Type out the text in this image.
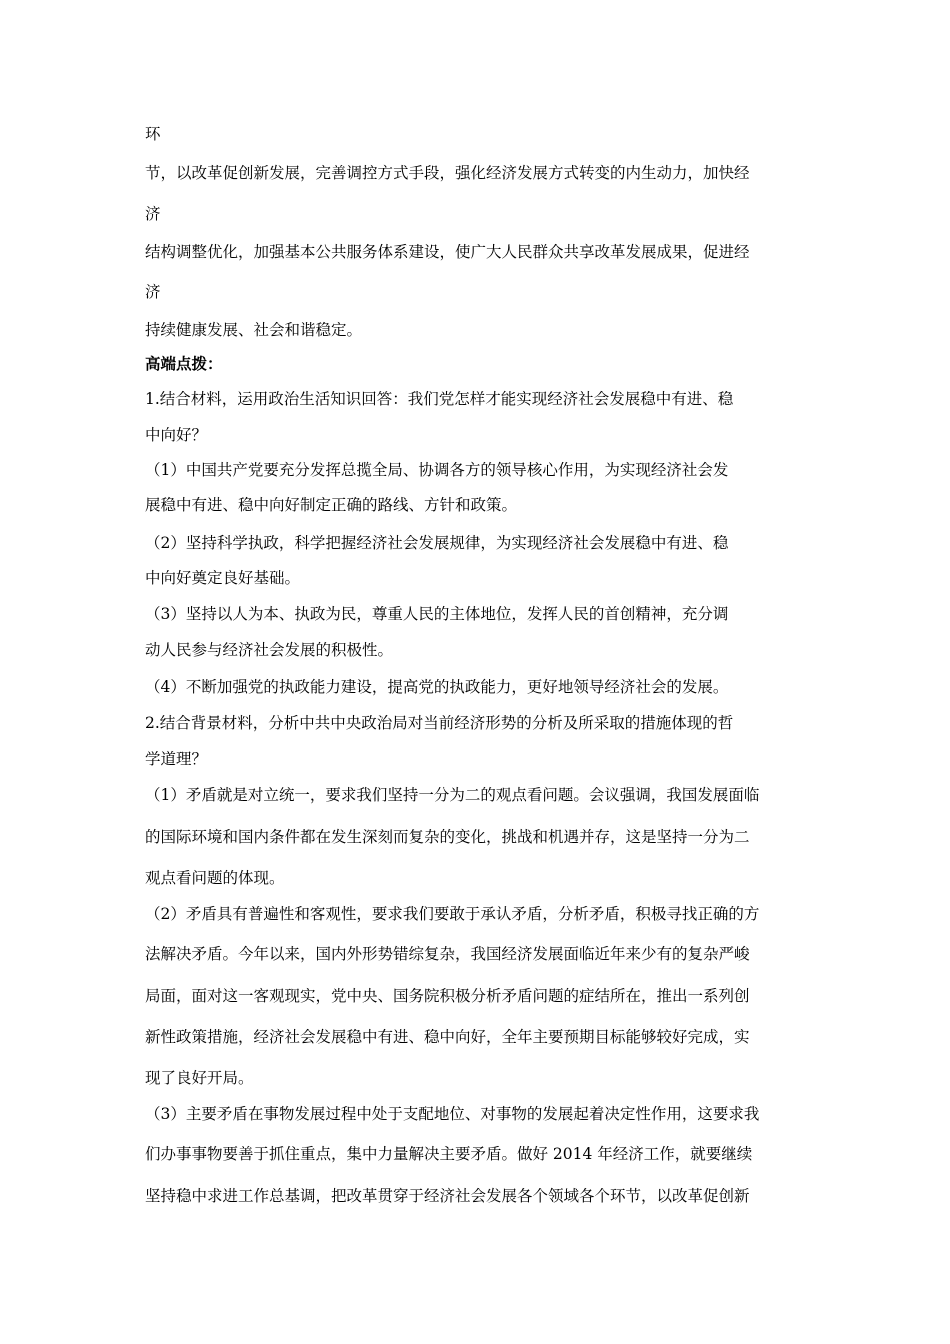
环
节，以改革促创新发展，完善调控方式手段，强化经济发展方式转变的内生动力，加快经
济
结构调整优化，加强基本公共服务体系建设，使广大人民群众共享改革发展成果，促进经
济
持续健康发展、社会和谐稳定。
高端点拨：
1.结合材料，运用政治生活知识回答：我们党怎样才能实现经济社会发展稳中有进、稳
中向好？
（1）中国共产党要充分发挥总揽全局、协调各方的领导核心作用，为实现经济社会发
展稳中有进、稳中向好制定正确的路线、方针和政策。
（2）坚持科学执政，科学把握经济社会发展规律，为实现经济社会发展稳中有进、稳
中向好奠定良好基础。
（3）坚持以人为本、执政为民，尊重人民的主体地位，发挥人民的首创精神，充分调
动人民参与经济社会发展的积极性。
（4）不断加强党的执政能力建设，提高党的执政能力，更好地领导经济社会的发展。
2.结合背景材料，分析中共中央政治局对当前经济形势的分析及所采取的措施体现的哲
学道理？
（1）矛盾就是对立统一，要求我们坚持一分为二的观点看问题。会议强调，我国发展面临
的国际环境和国内条件都在发生深刻而复杂的变化，挑战和机遇并存，这是坚持一分为二
观点看问题的体现。
（2）矛盾具有普遍性和客观性，要求我们要敢于承认矛盾，分析矛盾，积极寻找正确的方
法解决矛盾。今年以来，国内外形势错综复杂，我国经济发展面临近年来少有的复杂严峻
局面，面对这一客观现实，党中央、国务院积极分析矛盾问题的症结所在，推出一系列创
新性政策措施，经济社会发展稳中有进、稳中向好，全年主要预期目标能够较好完成，实
现了良好开局。
（3）主要矛盾在事物发展过程中处于支配地位、对事物的发展起着决定性作用，这要求我
们办事事物要善于抓住重点，集中力量解决主要矛盾。做好 2014 年经济工作，就要继续
坚持稳中求进工作总基调，把改革贯穿于经济社会发展各个领域各个环节，以改革促创新
